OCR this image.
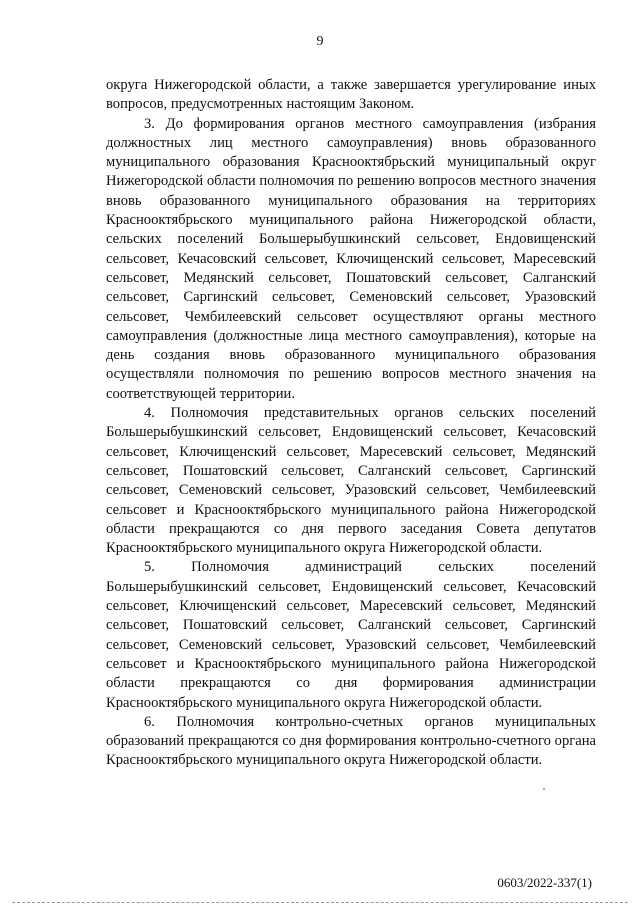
9

округа Нижегородской области, а также завершается урегулирование иных вопросов, предусмотренных настоящим Законом.

3. До формирования органов местного самоуправления (избрания должностных лиц местного самоуправления) вновь образованного муниципального образования Краснооктябрьский муниципальный округ Нижегородской области полномочия по решению вопросов местного значения вновь образованного муниципального образования на территориях Краснооктябрьского муниципального района Нижегородской области, сельских поселений Большерыбушкинский сельсовет, Ендовищенский сельсовет, Кечасовский сельсовет, Ключищенский сельсовет, Маресевский сельсовет, Медянский сельсовет, Пошатовский сельсовет, Салганский сельсовет, Саргинский сельсовет, Семеновский сельсовет, Уразовский сельсовет, Чембилеевский сельсовет осуществляют органы местного самоуправления (должностные лица местного самоуправления), которые на день создания вновь образованного муниципального образования осуществляли полномочия по решению вопросов местного значения на соответствующей территории.

4. Полномочия представительных органов сельских поселений Большерыбушкинский сельсовет, Ендовищенский сельсовет, Кечасовский сельсовет, Ключищенский сельсовет, Маресевский сельсовет, Медянский сельсовет, Пошатовский сельсовет, Салганский сельсовет, Саргинский сельсовет, Семеновский сельсовет, Уразовский сельсовет, Чембилеевский сельсовет и Краснооктябрьского муниципального района Нижегородской области прекращаются со дня первого заседания Совета депутатов Краснооктябрьского муниципального округа Нижегородской области.

5. Полномочия администраций сельских поселений Большерыбушкинский сельсовет, Ендовищенский сельсовет, Кечасовский сельсовет, Ключищенский сельсовет, Маресевский сельсовет, Медянский сельсовет, Пошатовский сельсовет, Салганский сельсовет, Саргинский сельсовет, Семеновский сельсовет, Уразовский сельсовет, Чембилеевский сельсовет и Краснооктябрьского муниципального района Нижегородской области прекращаются со дня формирования администрации Краснооктябрьского муниципального округа Нижегородской области.

6. Полномочия контрольно-счетных органов муниципальных образований прекращаются со дня формирования контрольно-счетного органа Краснооктябрьского муниципального округа Нижегородской области.

0603/2022-337(1)
